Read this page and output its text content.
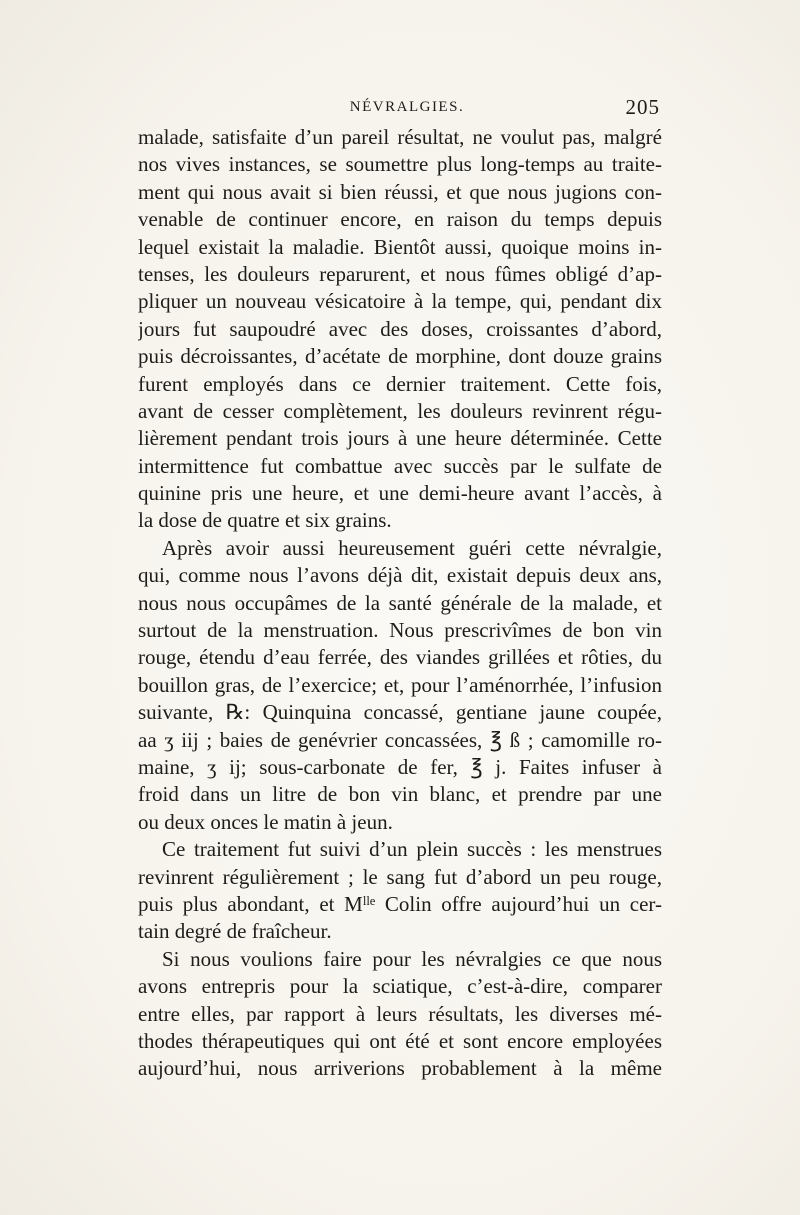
NÉVRALGIES.	205
malade, satisfaite d’un pareil résultat, ne voulut pas, malgré
nos vives instances, se soumettre plus long-temps au traite-
ment qui nous avait si bien réussi, et que nous jugions con-
venable de continuer encore, en raison du temps depuis
lequel existait la maladie. Bientôt aussi, quoique moins in-
tenses, les douleurs reparurent, et nous fûmes obligé d’ap-
pliquer un nouveau vésicatoire à la tempe, qui, pendant dix
jours fut saupoudré avec des doses, croissantes d’abord,
puis décroissantes, d’acétate de morphine, dont douze grains
furent employés dans ce dernier traitement. Cette fois,
avant de cesser complètement, les douleurs revinrent régu-
lièrement pendant trois jours à une heure déterminée. Cette
intermittence fut combattue avec succès par le sulfate de
quinine pris une heure, et une demi-heure avant l’accès, à
la dose de quatre et six grains.
Après avoir aussi heureusement guéri cette névralgie,
qui, comme nous l’avons déjà dit, existait depuis deux ans,
nous nous occupâmes de la santé générale de la malade, et
surtout de la menstruation. Nous prescrivîmes de bon vin
rouge, étendu d’eau ferrée, des viandes grillées et rôties, du
bouillon gras, de l’exercice; et, pour l’aménorrhée, l’infusion
suivante, ℞: Quinquina concassé, gentiane jaune coupée,
aa ʒ iij ; baies de genévrier concassées, ℥ ß ; camomille ro-
maine, ʒ ij; sous-carbonate de fer, ℥ j. Faites infuser à
froid dans un litre de bon vin blanc, et prendre par une
ou deux onces le matin à jeun.
Ce traitement fut suivi d’un plein succès : les menstrues
revinrent régulièrement ; le sang fut d’abord un peu rouge,
puis plus abondant, et Mˡˡᵉ Colin offre aujourd’hui un cer-
tain degré de fraîcheur.
Si nous voulions faire pour les névralgies ce que nous
avons entrepris pour la sciatique, c’est-à-dire, comparer
entre elles, par rapport à leurs résultats, les diverses mé-
thodes thérapeutiques qui ont été et sont encore employées
aujourd’hui, nous arriverions probablement à la même
